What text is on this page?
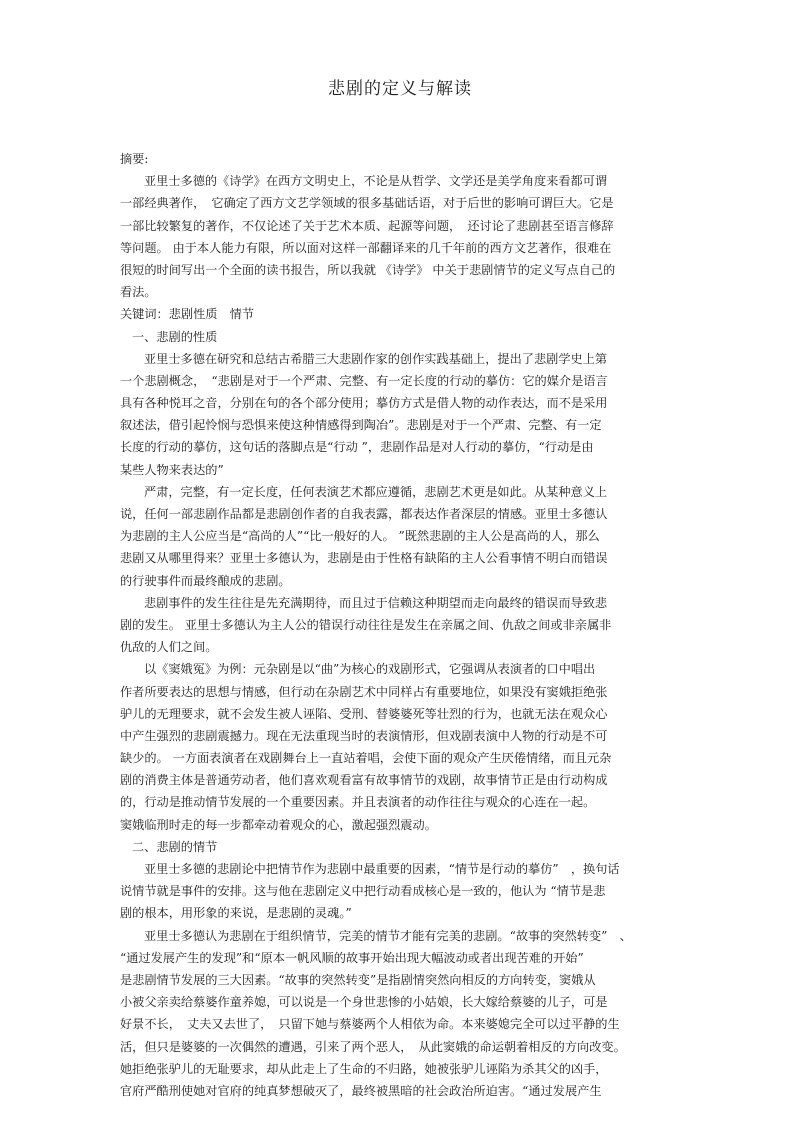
悲剧的定义与解读
摘要:
亚里士多德的《诗学》在西方文明史上，不论是从哲学、文学还是美学角度来看都可谓
一部经典著作，　它确定了西方文艺学领域的很多基础话语，对于后世的影响可谓巨大。它是
一部比较繁复的著作，不仅论述了关于艺术本质、起源等问题，　还讨论了悲剧甚至语言修辞
等问题。 由于本人能力有限，所以面对这样一部翻译来的几千年前的西方文艺著作，很难在
很短的时间写出一个全面的读书报告，所以我就 《诗学》 中关于悲剧情节的定义写点自己的
看法。
关键词：悲剧性质　情节
一、悲剧的性质
亚里士多德在研究和总结古希腊三大悲剧作家的创作实践基础上，提出了悲剧学史上第
一个悲剧概念，　“悲剧是对于一个严肃、完整、有一定长度的行动的摹仿：它的媒介是语言
具有各种悦耳之音，分别在句的各个部分使用；摹仿方式是借人物的动作表达，而不是采用
叙述法，借引起怜悯与恐惧来使这种情感得到陶冶”。悲剧是对于一个严肃、完整、有一定
长度的行动的摹仿，这句话的落脚点是“行动 ”，悲剧作品是对人行动的摹仿，“行动是由
某些人物来表达的”
严肃，完整，有一定长度，任何表演艺术都应遵循，悲剧艺术更是如此。从某种意义上
说，任何一部悲剧作品都是悲剧创作者的自我表露，都表达作者深层的情感。亚里士多德认
为悲剧的主人公应当是“高尚的人”“比一般好的人。 ”既然悲剧的主人公是高尚的人，那么
悲剧又从哪里得来？亚里士多德认为，悲剧是由于性格有缺陷的主人公看事情不明白而错误
的行驶事件而最终酿成的悲剧。
悲剧事件的发生往往是先充满期待，而且过于信赖这种期望而走向最终的错误而导致悲
剧的发生。 亚里士多德认为主人公的错误行动往往是发生在亲属之间、仇敌之间或非亲属非
仇敌的人们之间。
以《窦娥冤》为例：元杂剧是以“曲”为核心的戏剧形式，它强调从表演者的口中唱出
作者所要表达的思想与情感，但行动在杂剧艺术中同样占有重要地位，如果没有窦娥拒绝张
驴儿的无理要求，就不会发生被人诬陷、受刑、替婆婆死等壮烈的行为，也就无法在观众心
中产生强烈的悲剧震撼力。现在无法重现当时的表演情形，但戏剧表演中人物的行动是不可
缺少的。 一方面表演者在戏剧舞台上一直站着唱，会使下面的观众产生厌倦情绪，而且元杂
剧的消费主体是普通劳动者，他们喜欢观看富有故事情节的戏剧，故事情节正是由行动构成
的，行动是推动情节发展的一个重要因素。并且表演者的动作往往与观众的心连在一起。
窦娥临刑时走的每一步都牵动着观众的心，激起强烈震动。
二、悲剧的情节
亚里士多德的悲剧论中把情节作为悲剧中最重要的因素，“情节是行动的摹仿”　，换句话
说情节就是事件的安排。这与他在悲剧定义中把行动看成核心是一致的，他认为 “情节是悲
剧的根本，用形象的来说，是悲剧的灵魂。”
亚里士多德认为悲剧在于组织情节，完美的情节才能有完美的悲剧。“故事的突然转变”　、
“通过发展产生的发现”和“原本一帆风顺的故事开始出现大幅波动或者出现苦难的开始”
是悲剧情节发展的三大因素。“故事的突然转变”是指剧情突然向相反的方向转变，窦娥从
小被父亲卖给蔡婆作童养媳，可以说是一个身世悲惨的小姑娘，长大嫁给蔡婆的儿子，可是
好景不长，　丈夫又去世了，　只留下她与蔡婆两个人相依为命。本来婆媳完全可以过平静的生
活，但只是婆婆的一次偶然的遭遇，引来了两个恶人，　从此窦娥的命运朝着相反的方向改变。
她拒绝张驴儿的无耻要求，却从此走上了生命的不归路，她被张驴儿诬陷为杀其父的凶手，
官府严酷刑使她对官府的纯真梦想破灭了，最终被黑暗的社会政治所迫害。“通过发展产生
